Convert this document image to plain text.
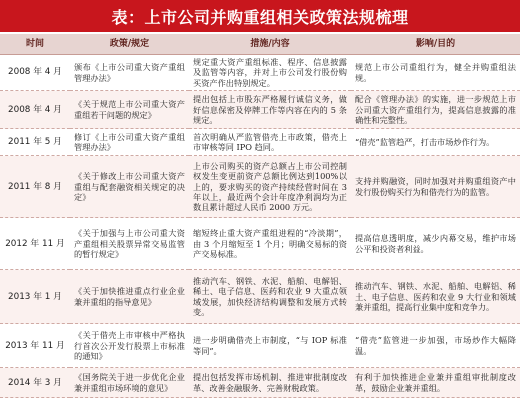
表：上市公司并购重组相关政策法规梳理
时间	政策/规定	措施/内容	影响/目的
2008 年 4 月	颁布《上市公司重大资产重组管理办法》	规定重大资产重组标准、程序、信息披露及监管等内容，并对上市公司发行股份购买资产作出特别规定。	规范上市公司重组行为，健全并购重组法规。
2008 年 4 月	《关于规范上市公司重大资产重组若干问题的规定》	提出包括上市股东严格履行诚信义务，做好信息保密及停牌工作等内容在内的 5 条规定。	配合《管理办法》的实施，进一步规范上市公司重大资产重组行为，提高信息披露的准确性和完整性。
2011 年 5 月	修订《上市公司重大资产重组管理办法》	首次明确从严监管借壳上市政策，借壳上市审核等同 IPO 趋同。	“借壳”监管趋严，打击市场炒作行为。
2011 年 8 月	《关于修改上市公司重大资产重组与配套融资相关规定的决定》	上市公司购买的资产总额占上市公司控制权发生变更前资产总额比例达到100%以上的，要求购买的资产持续经营时间在 3 年以上，最近两个会计年度净利润均为正数且累计超过人民币 2000 万元。	支持并购融资，同时加强对并购重组资产中发行股份购买行为和借壳行为的监管。
2012 年 11 月	《关于加强与上市公司重大资产重组相关股票异常交易监管的暂行规定》	缩短终止重大资产重组进程的“冷淡期”，由 3 个月缩短至 1 个月；明确交易标的资产交易标准。	提高信息透明度，减少内幕交易，维护市场公平和投资者利益。
2013 年 1 月	《关于加快推进重点行业企业兼并重组的指导意见》	推动汽车、钢铁、水泥、船舶、电解铝、稀土、电子信息、医药和农业 9 大重点领域发展，加快经济结构调整和发展方式转变。	推动汽车、钢铁、水泥、船舶、电解铝、稀土、电子信息、医药和农业 9 大行业和领域兼并重组，提高行业集中度和竞争力。
2013 年 11 月	《关于借壳上市审核中严格执行首次公开发行股票上市标准的通知》	进一步明确借壳上市制度，“与 IOP 标准等同”。	“借壳”监管进一步加强，市场炒作大幅降温。
2014 年 3 月	《国务院关于进一步优化企业兼并重组市场环境的意见》	提出包括发挥市场机制、推进审批制度改革、改善金融服务、完善财税政策。	有利于加快推进企业兼并重组审批制度改革，鼓励企业兼并重组。
